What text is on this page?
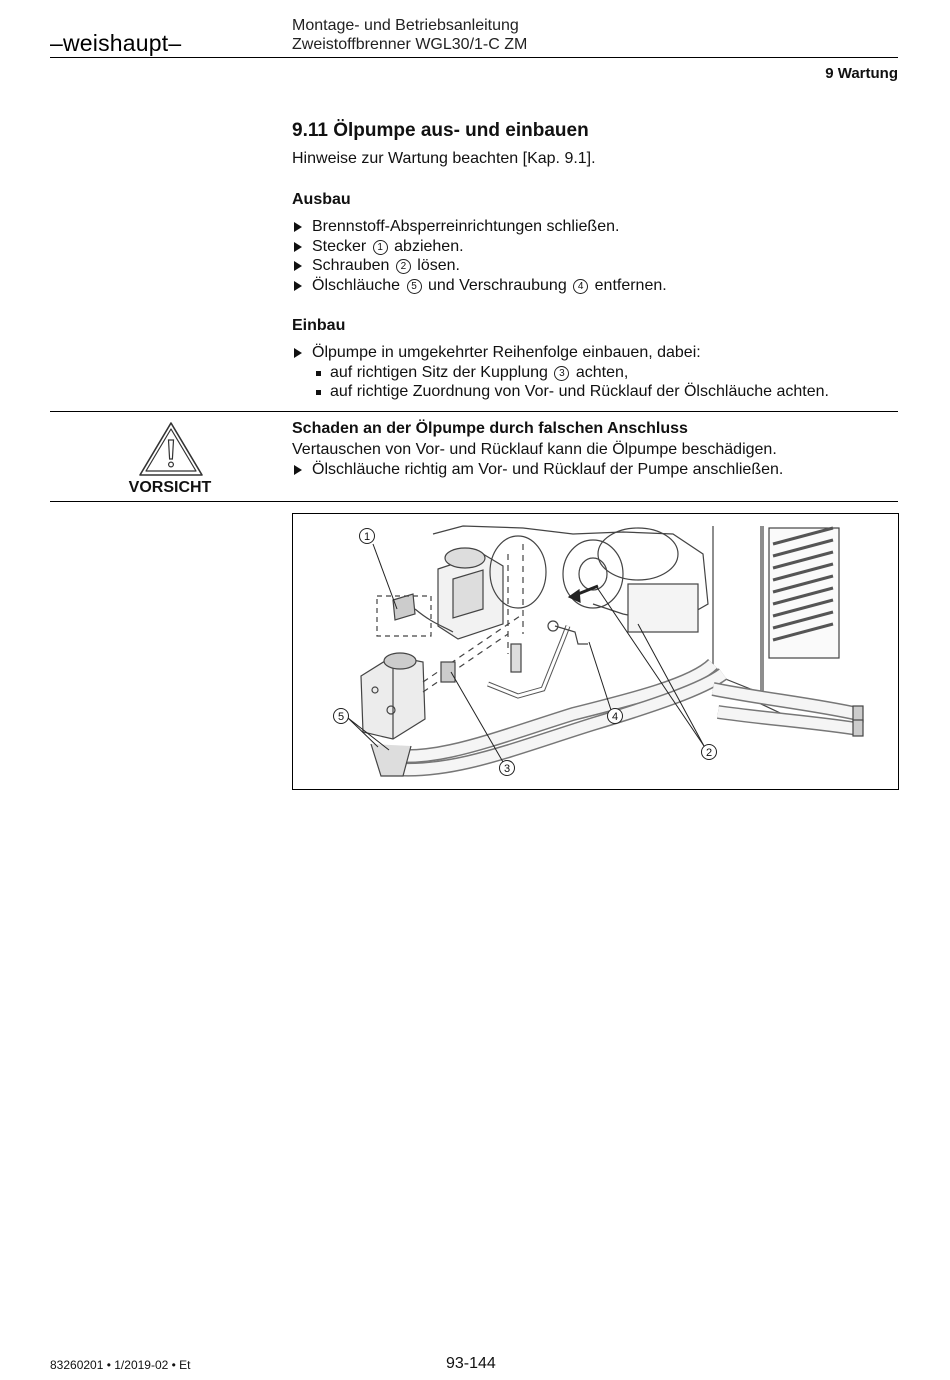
–weishaupt–
Montage- und Betriebsanleitung
Zweistoffbrenner WGL30/1-C ZM
9 Wartung
9.11 Ölpumpe aus- und einbauen
Hinweise zur Wartung beachten [Kap. 9.1].
Ausbau
Brennstoff-Absperreinrichtungen schließen.
Stecker 1 abziehen.
Schrauben 2 lösen.
Ölschläuche 5 und Verschraubung 4 entfernen.
Einbau
Ölpumpe in umgekehrter Reihenfolge einbauen, dabei:
auf richtigen Sitz der Kupplung 3 achten,
auf richtige Zuordnung von Vor- und Rücklauf der Ölschläuche achten.
VORSICHT
Schaden an der Ölpumpe durch falschen Anschluss
Vertauschen von Vor- und Rücklauf kann die Ölpumpe beschädigen.
Ölschläuche richtig am Vor- und Rücklauf der Pumpe anschließen.
1
2
3
4
5
83260201 • 1/2019-02 • Et	93-144
